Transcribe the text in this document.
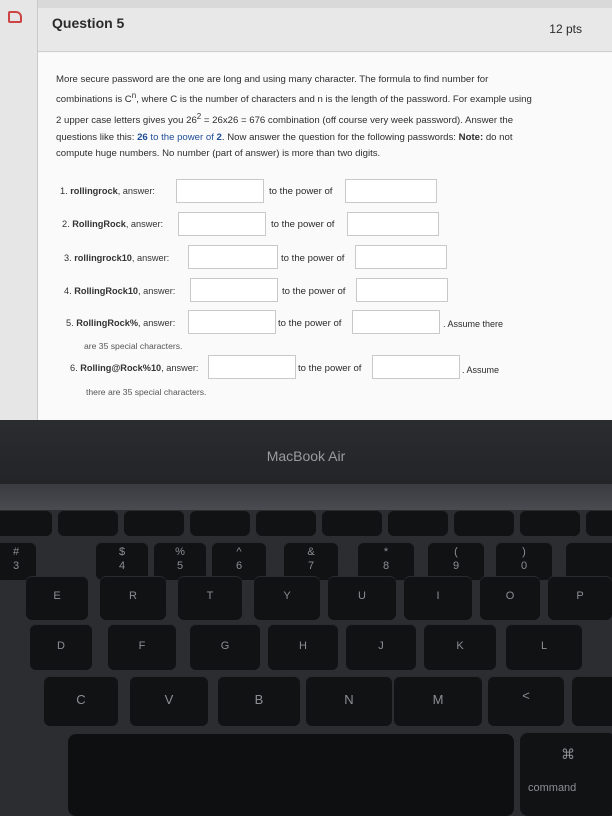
Question 5	12 pts
More secure password are the one are long and using many character. The formula to find number for combinations is $C^n$, where C is the number of characters and n is the length of the password. For example using 2 upper case letters gives you $26^2 = 26x26 = 676$ combination (off course very week password). Answer the questions like this: 26 to the power of 2. Now answer the question for the following passwords: Note: do not compute huge numbers. No number (part of answer) is more than two digits.
1. rollingrock, answer:	to the power of
2. RollingRock, answer:	to the power of
3. rollingrock10, answer:	to the power of
4. RollingRock10, answer:	to the power of
5. RollingRock%, answer:	to the power of	. Assume there
are 35 special characters.
6. Rolling@Rock%10, answer:	to the power of	. Assume
there are 35 special characters.
MacBook Air
#
3
$
4
%
5
^
6
&
7
*
8
(
9
)
0
E	R	T	Y	U	I	O	P
D	F	G	H	J	K	L
C	V	B	N	M	<
⌘
command
